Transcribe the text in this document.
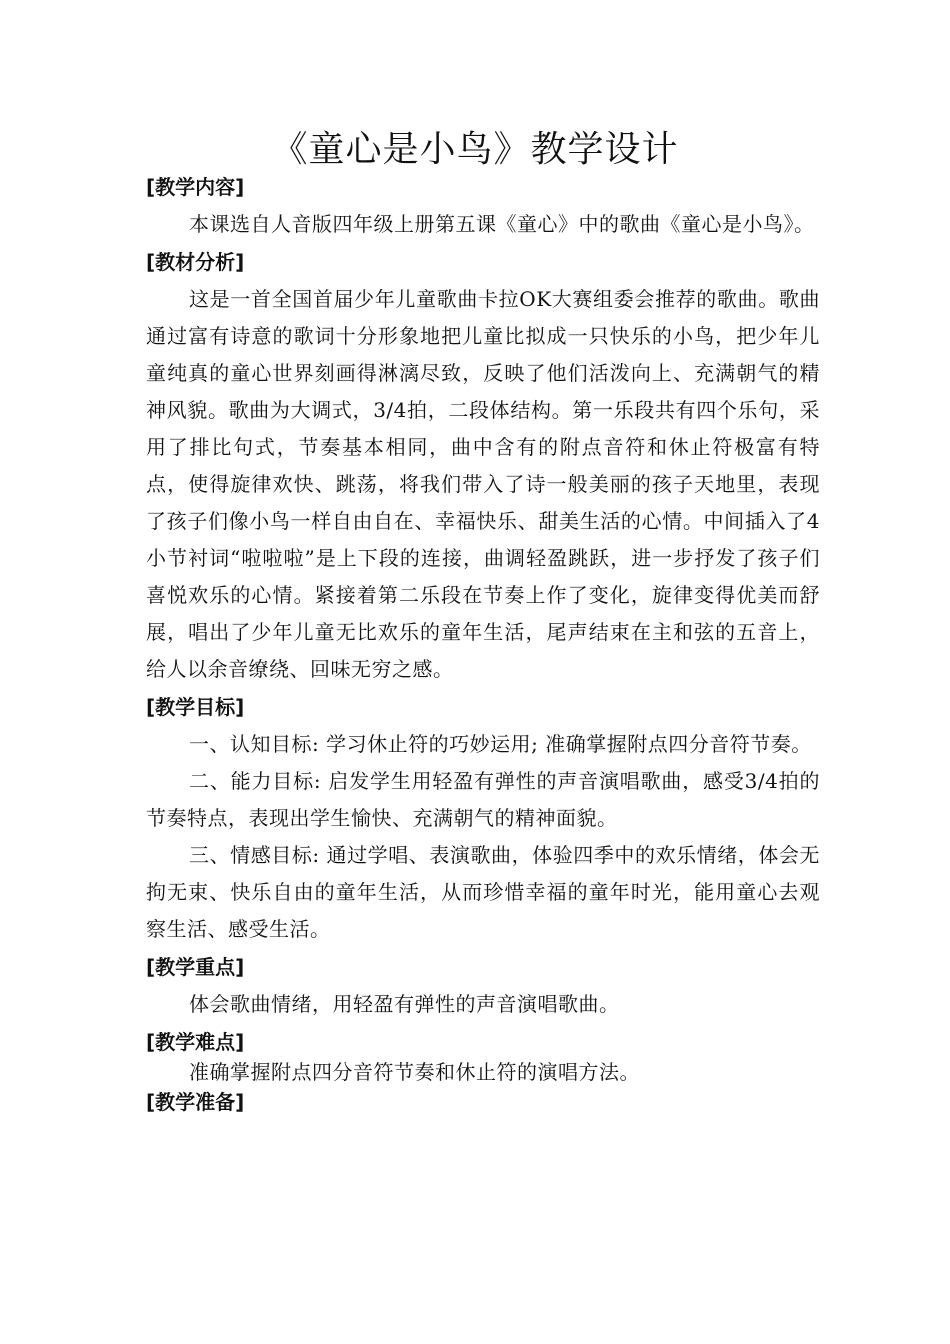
《童心是小鸟》教学设计
[教学内容]

本课选自人音版四年级上册第五课《童心》中的歌曲《童心是小鸟》。

[教材分析]

这是一首全国首届少年儿童歌曲卡拉OK大赛组委会推荐的歌曲。歌曲通过富有诗意的歌词十分形象地把儿童比拟成一只快乐的小鸟，把少年儿童纯真的童心世界刻画得淋漓尽致，反映了他们活泼向上、充满朝气的精神风貌。歌曲为大调式，3/4拍，二段体结构。第一乐段共有四个乐句，采用了排比句式，节奏基本相同，曲中含有的附点音符和休止符极富有特点，使得旋律欢快、跳荡，将我们带入了诗一般美丽的孩子天地里，表现了孩子们像小鸟一样自由自在、幸福快乐、甜美生活的心情。中间插入了4小节衬词“啦啦啦”是上下段的连接，曲调轻盈跳跃，进一步抒发了孩子们喜悦欢乐的心情。紧接着第二乐段在节奏上作了变化，旋律变得优美而舒展，唱出了少年儿童无比欢乐的童年生活，尾声结束在主和弦的五音上，给人以余音缭绕、回味无穷之感。

[教学目标]

一、认知目标: 学习休止符的巧妙运用; 准确掌握附点四分音符节奏。

二、能力目标: 启发学生用轻盈有弹性的声音演唱歌曲，感受3/4拍的节奏特点，表现出学生愉快、充满朝气的精神面貌。

三、情感目标: 通过学唱、表演歌曲，体验四季中的欢乐情绪，体会无拘无束、快乐自由的童年生活，从而珍惜幸福的童年时光，能用童心去观察生活、感受生活。

[教学重点]

体会歌曲情绪，用轻盈有弹性的声音演唱歌曲。

[教学难点]

准确掌握附点四分音符节奏和休止符的演唱方法。

[教学准备]
